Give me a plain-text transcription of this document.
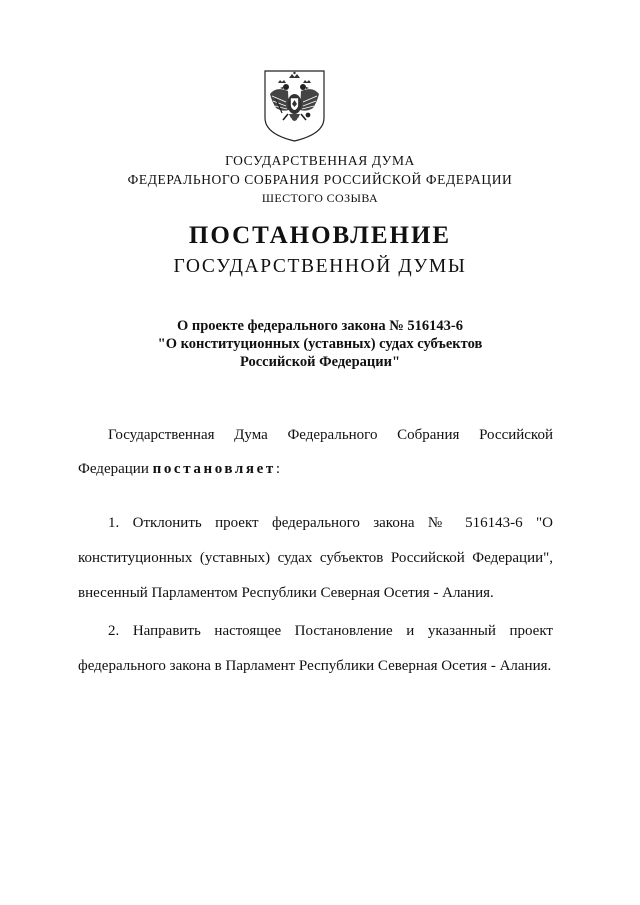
ГОСУДАРСТВЕННАЯ ДУМА
ФЕДЕРАЛЬНОГО СОБРАНИЯ РОССИЙСКОЙ ФЕДЕРАЦИИ
ШЕСТОГО СОЗЫВА
ПОСТАНОВЛЕНИЕ
ГОСУДАРСТВЕННОЙ ДУМЫ
О проекте федерального закона № 516143-6
"О конституционных (уставных) судах субъектов
Российской Федерации"
Государственная Дума Федерального Собрания Российской
Федерации постановляет:
1. Отклонить проект федерального закона № 516143-6 "О
конституционных (уставных) судах субъектов Российской Федерации",
внесенный Парламентом Республики Северная Осетия - Алания.
2. Направить настоящее Постановление и указанный проект
федерального закона в Парламент Республики Северная Осетия - Алания.
